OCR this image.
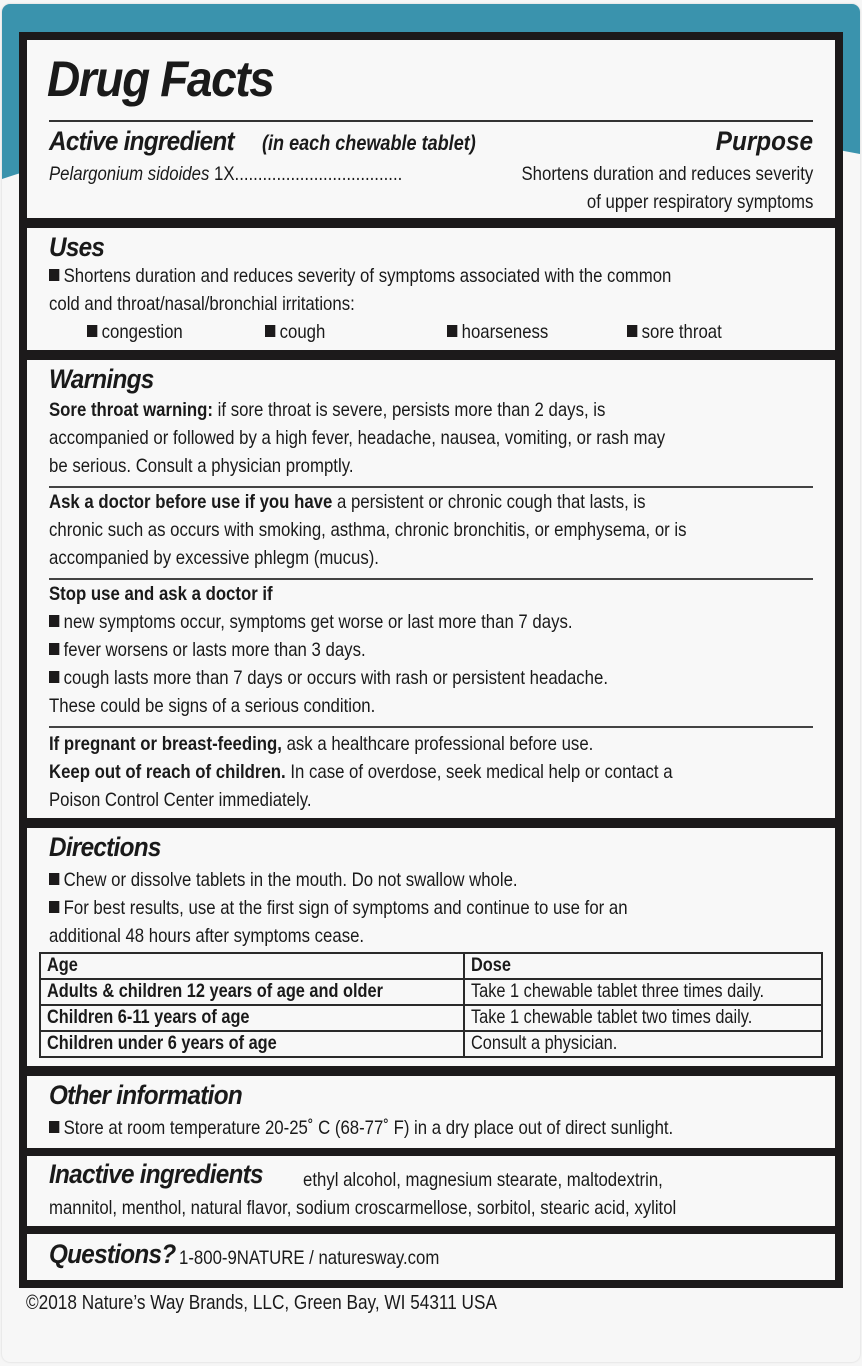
Drug Facts
Active ingredient	(in each chewable tablet)	Purpose
Pelargonium sidoides 1X....................................	Shortens duration and reduces severity
of upper respiratory symptoms
Uses
Shortens duration and reduces severity of symptoms associated with the common
cold and throat/nasal/bronchial irritations:
congestion	cough	hoarseness	sore throat
Warnings
Sore throat warning: if sore throat is severe, persists more than 2 days, is
accompanied or followed by a high fever, headache, nausea, vomiting, or rash may
be serious. Consult a physician promptly.
Ask a doctor before use if you have a persistent or chronic cough that lasts, is
chronic such as occurs with smoking, asthma, chronic bronchitis, or emphysema, or is
accompanied by excessive phlegm (mucus).
Stop use and ask a doctor if
new symptoms occur, symptoms get worse or last more than 7 days.
fever worsens or lasts more than 3 days.
cough lasts more than 7 days or occurs with rash or persistent headache.
These could be signs of a serious condition.
If pregnant or breast-feeding, ask a healthcare professional before use.
Keep out of reach of children. In case of overdose, seek medical help or contact a
Poison Control Center immediately.
Directions
Chew or dissolve tablets in the mouth. Do not swallow whole.
For best results, use at the first sign of symptoms and continue to use for an
additional 48 hours after symptoms cease.
Age	Dose
Adults & children 12 years of age and older	Take 1 chewable tablet three times daily.
Children 6-11 years of age	Take 1 chewable tablet two times daily.
Children under 6 years of age	Consult a physician.
Other information
Store at room temperature 20-25˚ C (68-77˚ F) in a dry place out of direct sunlight.
Inactive ingredients	ethyl alcohol, magnesium stearate, maltodextrin,
mannitol, menthol, natural flavor, sodium croscarmellose, sorbitol, stearic acid, xylitol
Questions? 1-800-9NATURE / naturesway.com
©2018 Nature’s Way Brands, LLC, Green Bay, WI 54311 USA
